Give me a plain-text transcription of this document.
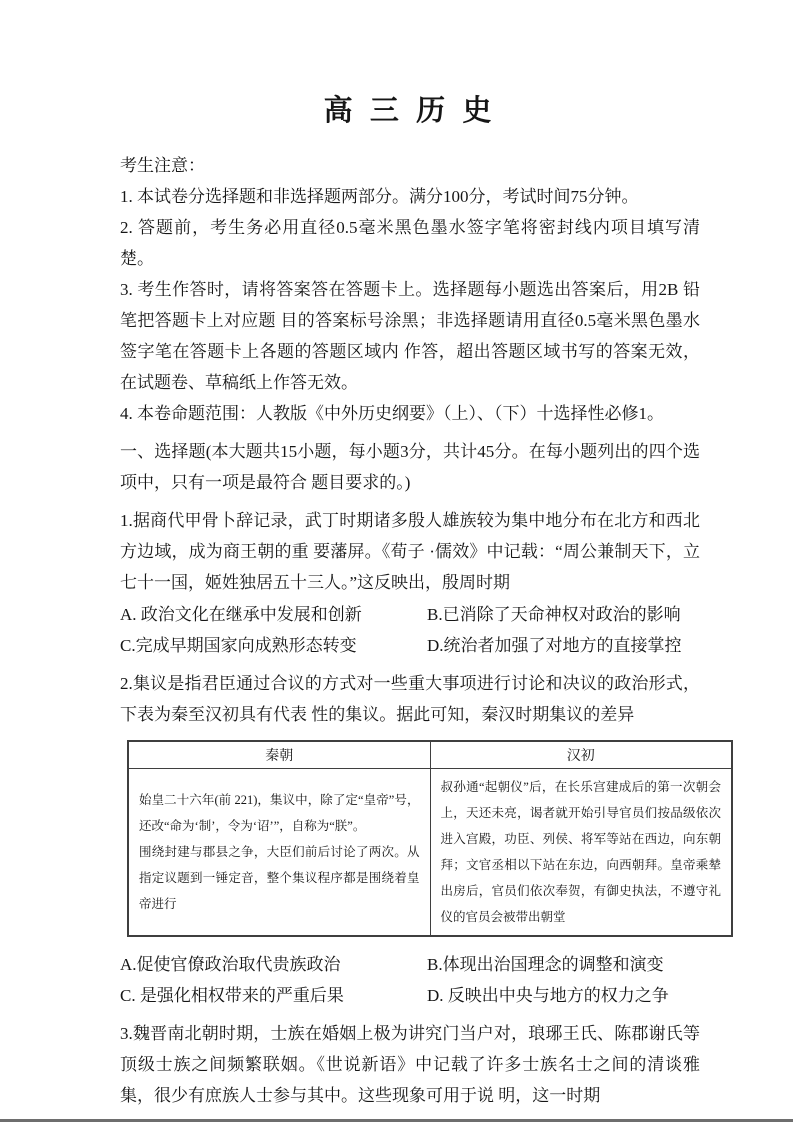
高 三 历 史

考生注意：

1. 本试卷分选择题和非选择题两部分。满分100分，考试时间75分钟。

2. 答题前，考生务必用直径0.5毫米黑色墨水签字笔将密封线内项目填写清楚。

3. 考生作答时，请将答案答在答题卡上。选择题每小题选出答案后，用2B 铅笔把答题卡上对应题 目的答案标号涂黑；非选择题请用直径0.5毫米黑色墨水签字笔在答题卡上各题的答题区域内 作答，超出答题区域书写的答案无效，在试题卷、草稿纸上作答无效。

4. 本卷命题范围：人教版《中外历史纲要》（上）、（下）十选择性必修1。

一、选择题(本大题共15小题，每小题3分，共计45分。在每小题列出的四个选项中，只有一项是最符合 题目要求的。)

1.据商代甲骨卜辞记录，武丁时期诸多殷人雄族较为集中地分布在北方和西北方边域，成为商王朝的重 要藩屏。《荀子 ·儒效》中记载：“周公兼制天下，立七十一国，姬姓独居五十三人。”这反映出，殷周时期

A. 政治文化在继承中发展和创新	B.已消除了天命神权对政治的影响
C.完成早期国家向成熟形态转变	D.统治者加强了对地方的直接掌控

2.集议是指君臣通过合议的方式对一些重大事项进行讨论和决议的政治形式，下表为秦至汉初具有代表 性的集议。据此可知，秦汉时期集议的差异

秦朝	汉初

始皇二十六年(前 221)，集议中，除了定“皇帝”号，还改“命为‘制’，令为‘诏’”，自称为“朕”。
围绕封建与郡县之争，大臣们前后讨论了两次。从指定议题到一锤定音，整个集议程序都是围绕着皇帝进行	叔孙通“起朝仪”后，在长乐宫建成后的第一次朝会上，天还未亮，谒者就开始引导官员们按品级依次进入宫殿，功臣、列侯、将军等站在西边，向东朝拜；文官丞相以下站在东边，向西朝拜。皇帝乘辇出房后，官员们依次奉贺，有御史执法，不遵守礼仪的官员会被带出朝堂
A.促使官僚政治取代贵族政治	B.体现出治国理念的调整和演变
C. 是强化相权带来的严重后果	D. 反映出中央与地方的权力之争

3.魏晋南北朝时期，士族在婚姻上极为讲究门当户对，琅琊王氏、陈郡谢氏等顶级士族之间频繁联姻。《世说新语》中记载了许多士族名士之间的清谈雅集，很少有庶族人士参与其中。这些现象可用于说 明，这一时期
